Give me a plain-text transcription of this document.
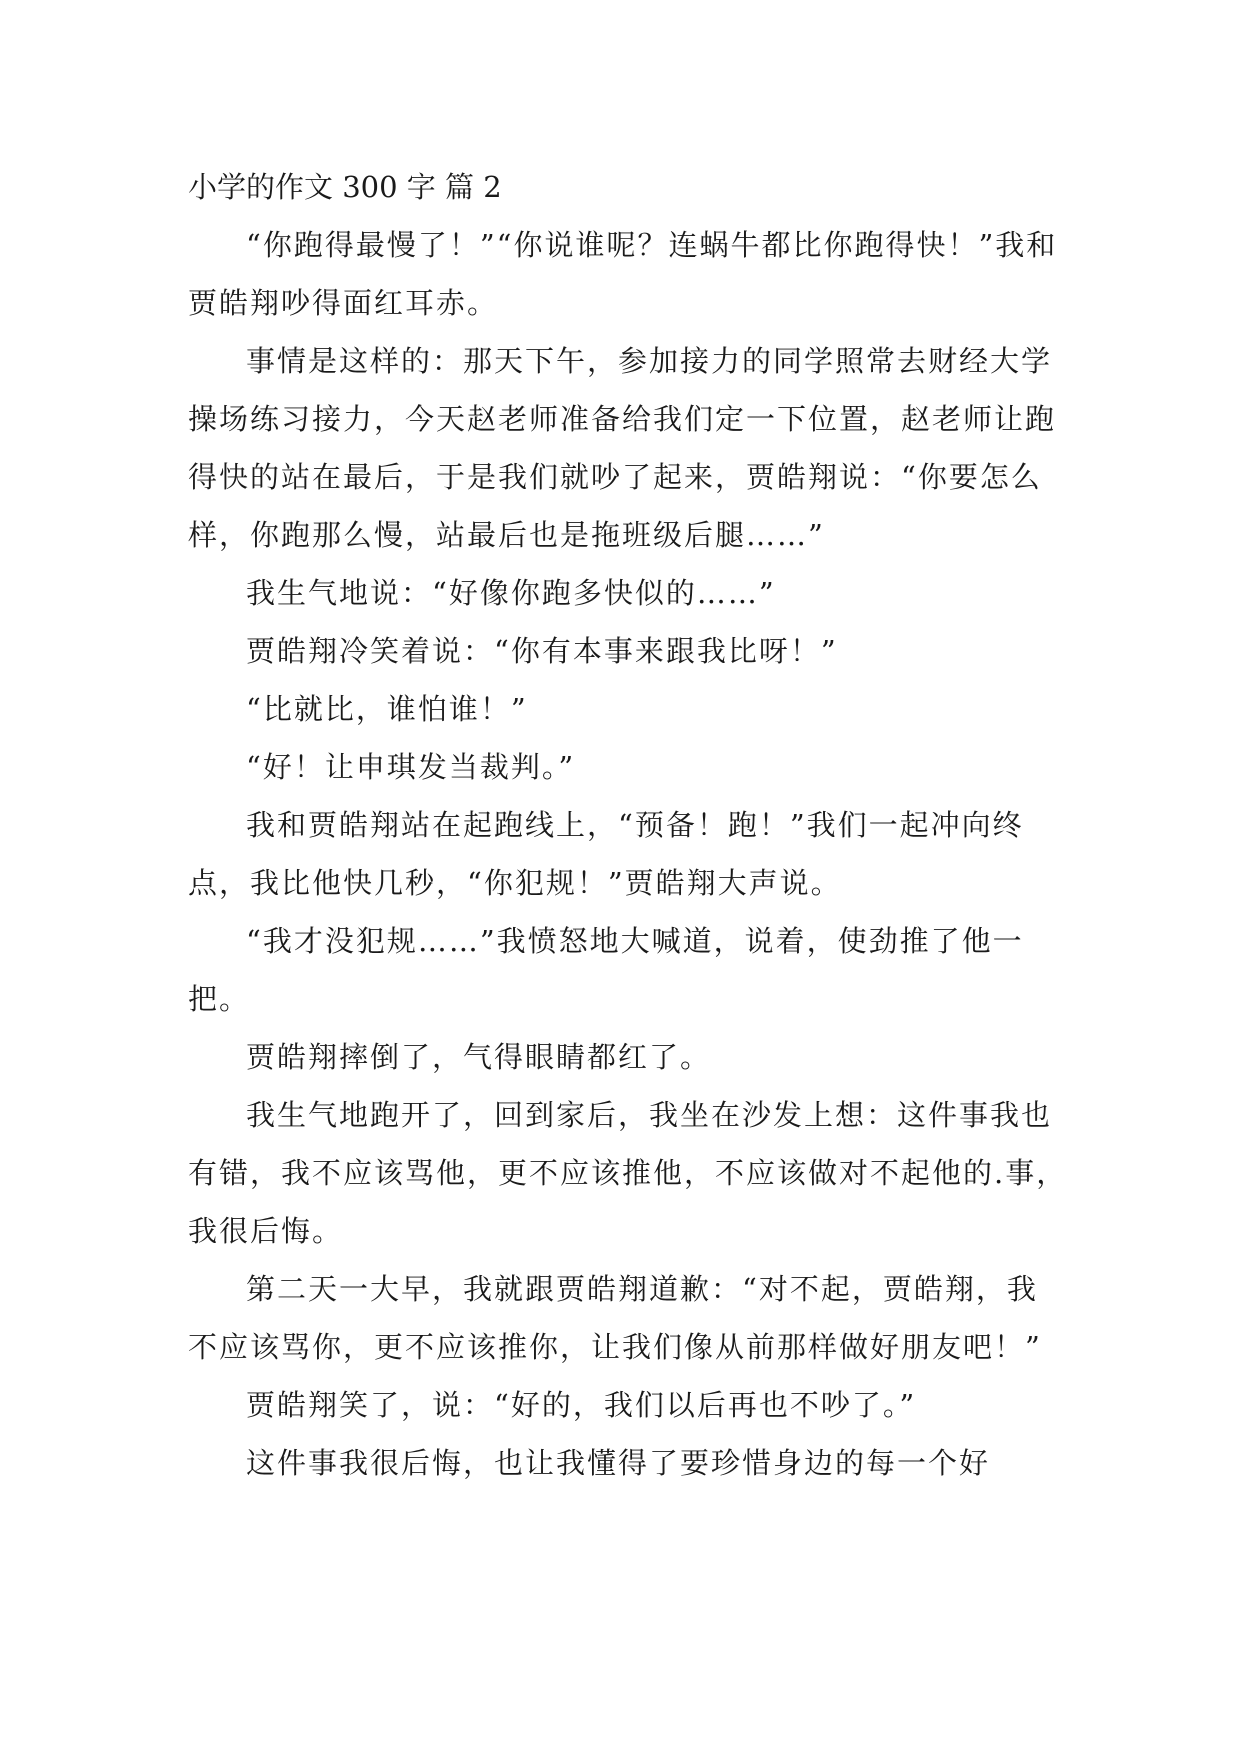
小学的作文 300 字 篇 2

“你跑得最慢了！”“你说谁呢？连蜗牛都比你跑得快！”我和贾皓翔吵得面红耳赤。

事情是这样的：那天下午，参加接力的同学照常去财经大学操场练习接力，今天赵老师准备给我们定一下位置，赵老师让跑得快的站在最后，于是我们就吵了起来，贾皓翔说：“你要怎么样，你跑那么慢，站最后也是拖班级后腿……”

我生气地说：“好像你跑多快似的……”

贾皓翔冷笑着说：“你有本事来跟我比呀！”

“比就比，谁怕谁！”

“好！让申琪发当裁判。”

我和贾皓翔站在起跑线上，“预备！跑！”我们一起冲向终点，我比他快几秒，“你犯规！”贾皓翔大声说。

“我才没犯规……”我愤怒地大喊道，说着，使劲推了他一把。

贾皓翔摔倒了，气得眼睛都红了。

我生气地跑开了，回到家后，我坐在沙发上想：这件事我也有错，我不应该骂他，更不应该推他，不应该做对不起他的.事，我很后悔。

第二天一大早，我就跟贾皓翔道歉：“对不起，贾皓翔，我不应该骂你，更不应该推你，让我们像从前那样做好朋友吧！”

贾皓翔笑了，说：“好的，我们以后再也不吵了。”

这件事我很后悔，也让我懂得了要珍惜身边的每一个好
